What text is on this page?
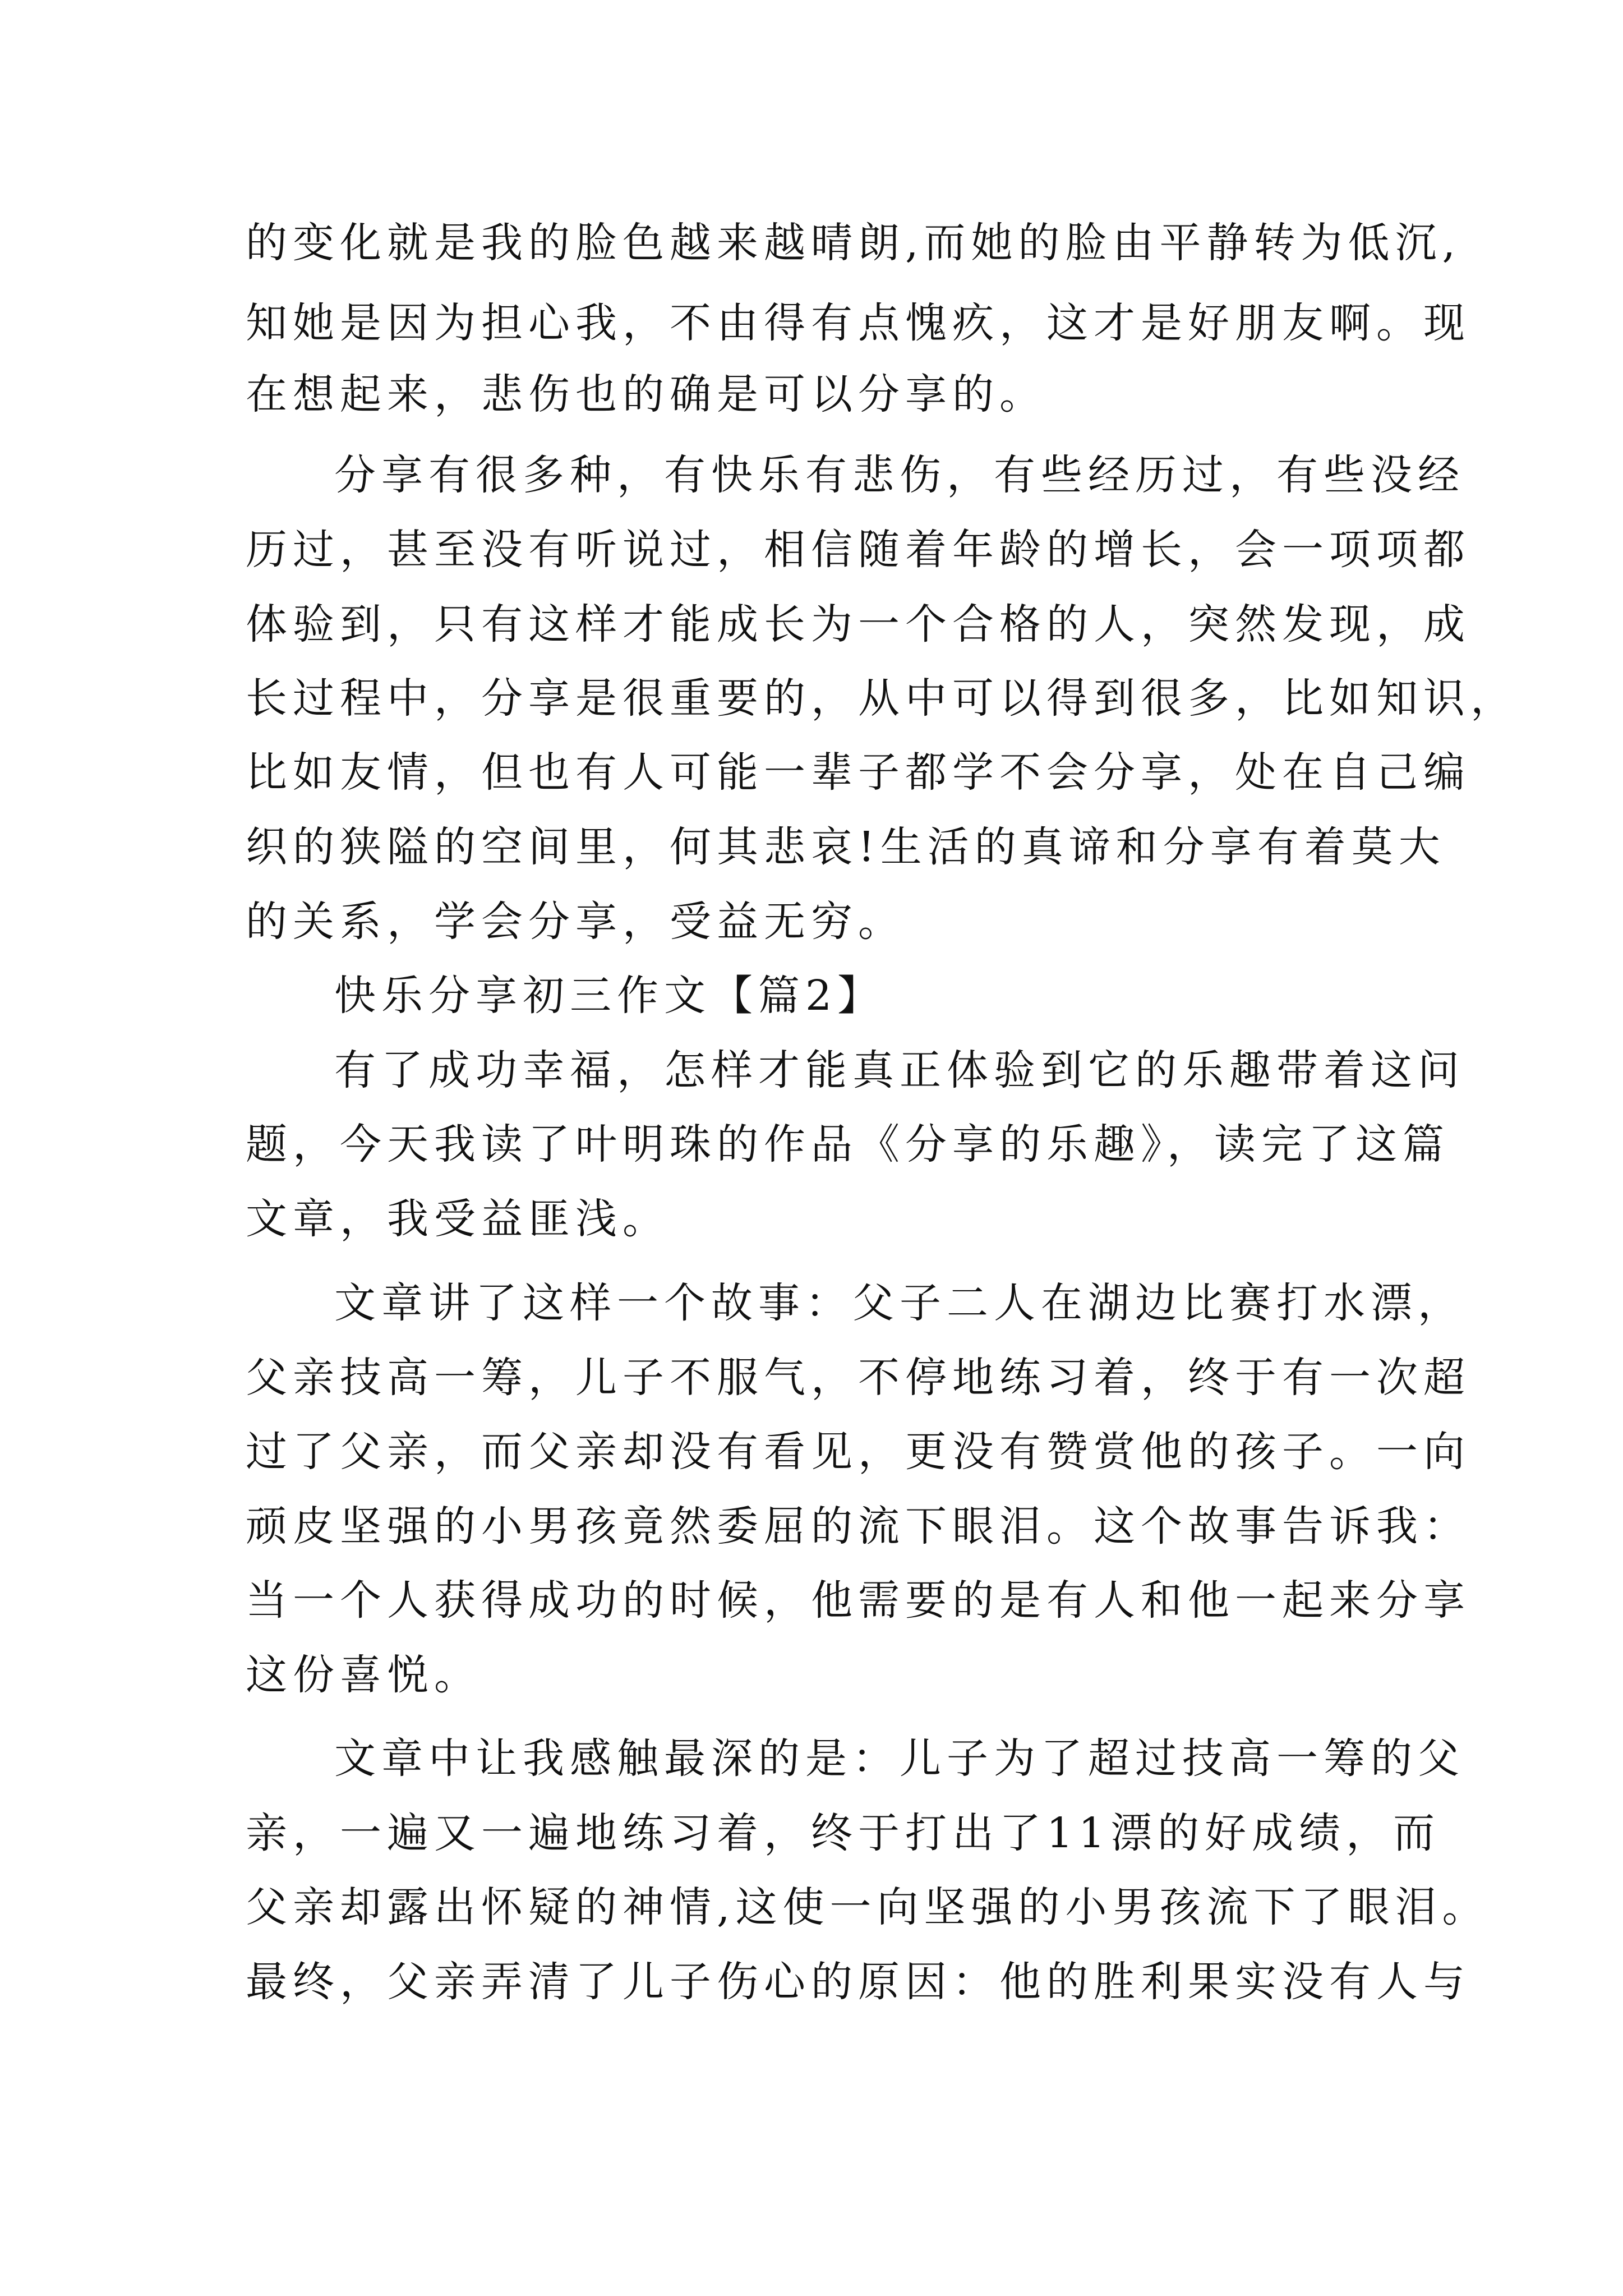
的变化就是我的脸色越来越晴朗,而她的脸由平静转为低沉,
知她是因为担心我，不由得有点愧疚，这才是好朋友啊。现
在想起来，悲伤也的确是可以分享的。
分享有很多种，有快乐有悲伤，有些经历过，有些没经
历过，甚至没有听说过，相信随着年龄的增长，会一项项都
体验到，只有这样才能成长为一个合格的人，突然发现，成
长过程中，分享是很重要的，从中可以得到很多，比如知识，
比如友情，但也有人可能一辈子都学不会分享，处在自己编
织的狭隘的空间里，何其悲哀!生活的真谛和分享有着莫大
的关系，学会分享，受益无穷。
快乐分享初三作文【篇2】
有了成功幸福，怎样才能真正体验到它的乐趣带着这问
题，今天我读了叶明珠的作品《分享的乐趣》，读完了这篇
文章，我受益匪浅。
文章讲了这样一个故事：父子二人在湖边比赛打水漂，
父亲技高一筹，儿子不服气，不停地练习着，终于有一次超
过了父亲，而父亲却没有看见，更没有赞赏他的孩子。一向
顽皮坚强的小男孩竟然委屈的流下眼泪。这个故事告诉我：
当一个人获得成功的时候，他需要的是有人和他一起来分享
这份喜悦。
文章中让我感触最深的是：儿子为了超过技高一筹的父
亲，一遍又一遍地练习着，终于打出了11漂的好成绩，而
父亲却露出怀疑的神情,这使一向坚强的小男孩流下了眼泪。
最终，父亲弄清了儿子伤心的原因：他的胜利果实没有人与
